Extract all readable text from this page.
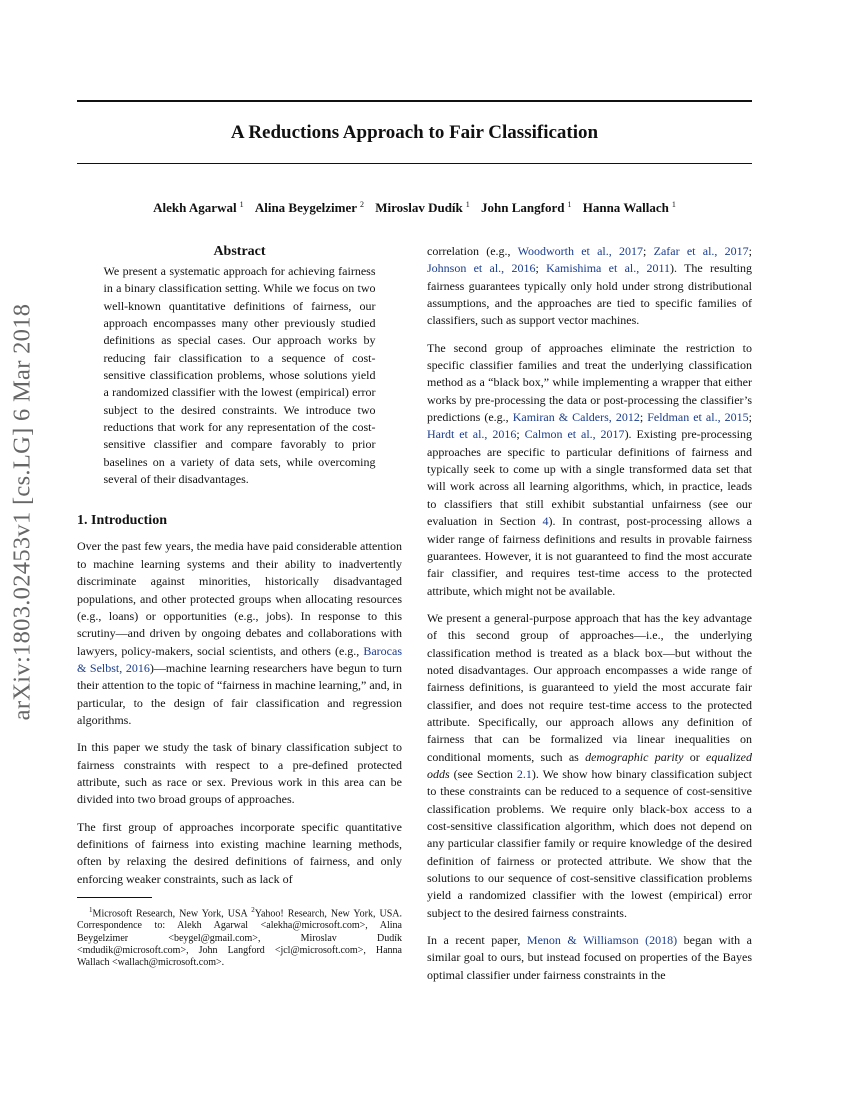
arXiv:1803.02453v1 [cs.LG] 6 Mar 2018
A Reductions Approach to Fair Classification
Alekh Agarwal $^1$ Alina Beygelzimer $^2$ Miroslav Dudík $^1$ John Langford $^1$ Hanna Wallach $^1$
Abstract

We present a systematic approach for achieving fairness in a binary classification setting. While we focus on two well-known quantitative definitions of fairness, our approach encompasses many other previously studied definitions as special cases. Our approach works by reducing fair classification to a sequence of cost-sensitive classification problems, whose solutions yield a randomized classifier with the lowest (empirical) error subject to the desired constraints. We introduce two reductions that work for any representation of the cost-sensitive classifier and compare favorably to prior baselines on a variety of data sets, while overcoming several of their disadvantages.

1. Introduction

Over the past few years, the media have paid considerable attention to machine learning systems and their ability to inadvertently discriminate against minorities, historically disadvantaged populations, and other protected groups when allocating resources (e.g., loans) or opportunities (e.g., jobs). In response to this scrutiny—and driven by ongoing debates and collaborations with lawyers, policy-makers, social scientists, and others (e.g., Barocas & Selbst, 2016)—machine learning researchers have begun to turn their attention to the topic of “fairness in machine learning,” and, in particular, to the design of fair classification and regression algorithms.

In this paper we study the task of binary classification subject to fairness constraints with respect to a pre-defined protected attribute, such as race or sex. Previous work in this area can be divided into two broad groups of approaches.

The first group of approaches incorporate specific quantitative definitions of fairness into existing machine learning methods, often by relaxing the desired definitions of fairness, and only enforcing weaker constraints, such as lack of

$^1$Microsoft Research, New York, USA $^2$Yahoo! Research, New York, USA. Correspondence to: Alekh Agarwal <alekha@microsoft.com>, Alina Beygelzimer <beygel@gmail.com>, Miroslav Dudík <mdudik@microsoft.com>, John Langford <jcl@microsoft.com>, Hanna Wallach <wallach@microsoft.com>.

correlation (e.g., Woodworth et al., 2017; Zafar et al., 2017; Johnson et al., 2016; Kamishima et al., 2011). The resulting fairness guarantees typically only hold under strong distributional assumptions, and the approaches are tied to specific families of classifiers, such as support vector machines.

The second group of approaches eliminate the restriction to specific classifier families and treat the underlying classification method as a “black box,” while implementing a wrapper that either works by pre-processing the data or post-processing the classifier’s predictions (e.g., Kamiran & Calders, 2012; Feldman et al., 2015; Hardt et al., 2016; Calmon et al., 2017). Existing pre-processing approaches are specific to particular definitions of fairness and typically seek to come up with a single transformed data set that will work across all learning algorithms, which, in practice, leads to classifiers that still exhibit substantial unfairness (see our evaluation in Section 4). In contrast, post-processing allows a wider range of fairness definitions and results in provable fairness guarantees. However, it is not guaranteed to find the most accurate fair classifier, and requires test-time access to the protected attribute, which might not be available.

We present a general-purpose approach that has the key advantage of this second group of approaches—i.e., the underlying classification method is treated as a black box—but without the noted disadvantages. Our approach encompasses a wide range of fairness definitions, is guaranteed to yield the most accurate fair classifier, and does not require test-time access to the protected attribute. Specifically, our approach allows any definition of fairness that can be formalized via linear inequalities on conditional moments, such as demographic parity or equalized odds (see Section 2.1). We show how binary classification subject to these constraints can be reduced to a sequence of cost-sensitive classification problems. We require only black-box access to a cost-sensitive classification algorithm, which does not depend on any particular classifier family or require knowledge of the desired definition of fairness or protected attribute. We show that the solutions to our sequence of cost-sensitive classification problems yield a randomized classifier with the lowest (empirical) error subject to the desired fairness constraints.

In a recent paper, Menon & Williamson (2018) began with a similar goal to ours, but instead focused on properties of the Bayes optimal classifier under fairness constraints in the
